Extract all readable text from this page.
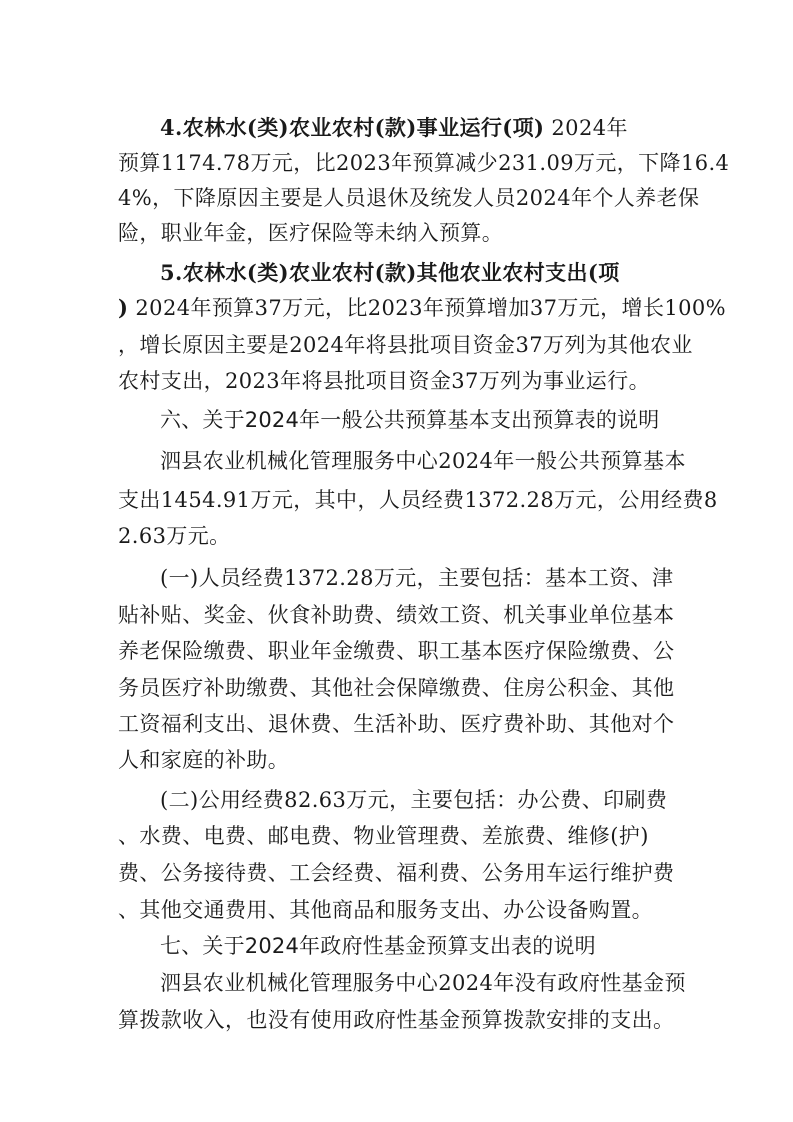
4.农林水(类)农业农村(款)事业运行(项) 2024年
预算1174.78万元，比2023年预算减少231.09万元，下降16.4
4%，下降原因主要是人员退休及统发人员2024年个人养老保
险，职业年金，医疗保险等未纳入预算。
5.农林水(类)农业农村(款)其他农业农村支出(项
) 2024年预算37万元，比2023年预算增加37万元，增长100%
，增长原因主要是2024年将县批项目资金37万列为其他农业
农村支出，2023年将县批项目资金37万列为事业运行。
六、关于2024年一般公共预算基本支出预算表的说明
泗县农业机械化管理服务中心2024年一般公共预算基本
支出1454.91万元，其中，人员经费1372.28万元，公用经费8
2.63万元。
(一)人员经费1372.28万元，主要包括：基本工资、津
贴补贴、奖金、伙食补助费、绩效工资、机关事业单位基本
养老保险缴费、职业年金缴费、职工基本医疗保险缴费、公
务员医疗补助缴费、其他社会保障缴费、住房公积金、其他
工资福利支出、退休费、生活补助、医疗费补助、其他对个
人和家庭的补助。
(二)公用经费82.63万元，主要包括：办公费、印刷费
、水费、电费、邮电费、物业管理费、差旅费、维修(护)
费、公务接待费、工会经费、福利费、公务用车运行维护费
、其他交通费用、其他商品和服务支出、办公设备购置。
七、关于2024年政府性基金预算支出表的说明
泗县农业机械化管理服务中心2024年没有政府性基金预
算拨款收入，也没有使用政府性基金预算拨款安排的支出。
